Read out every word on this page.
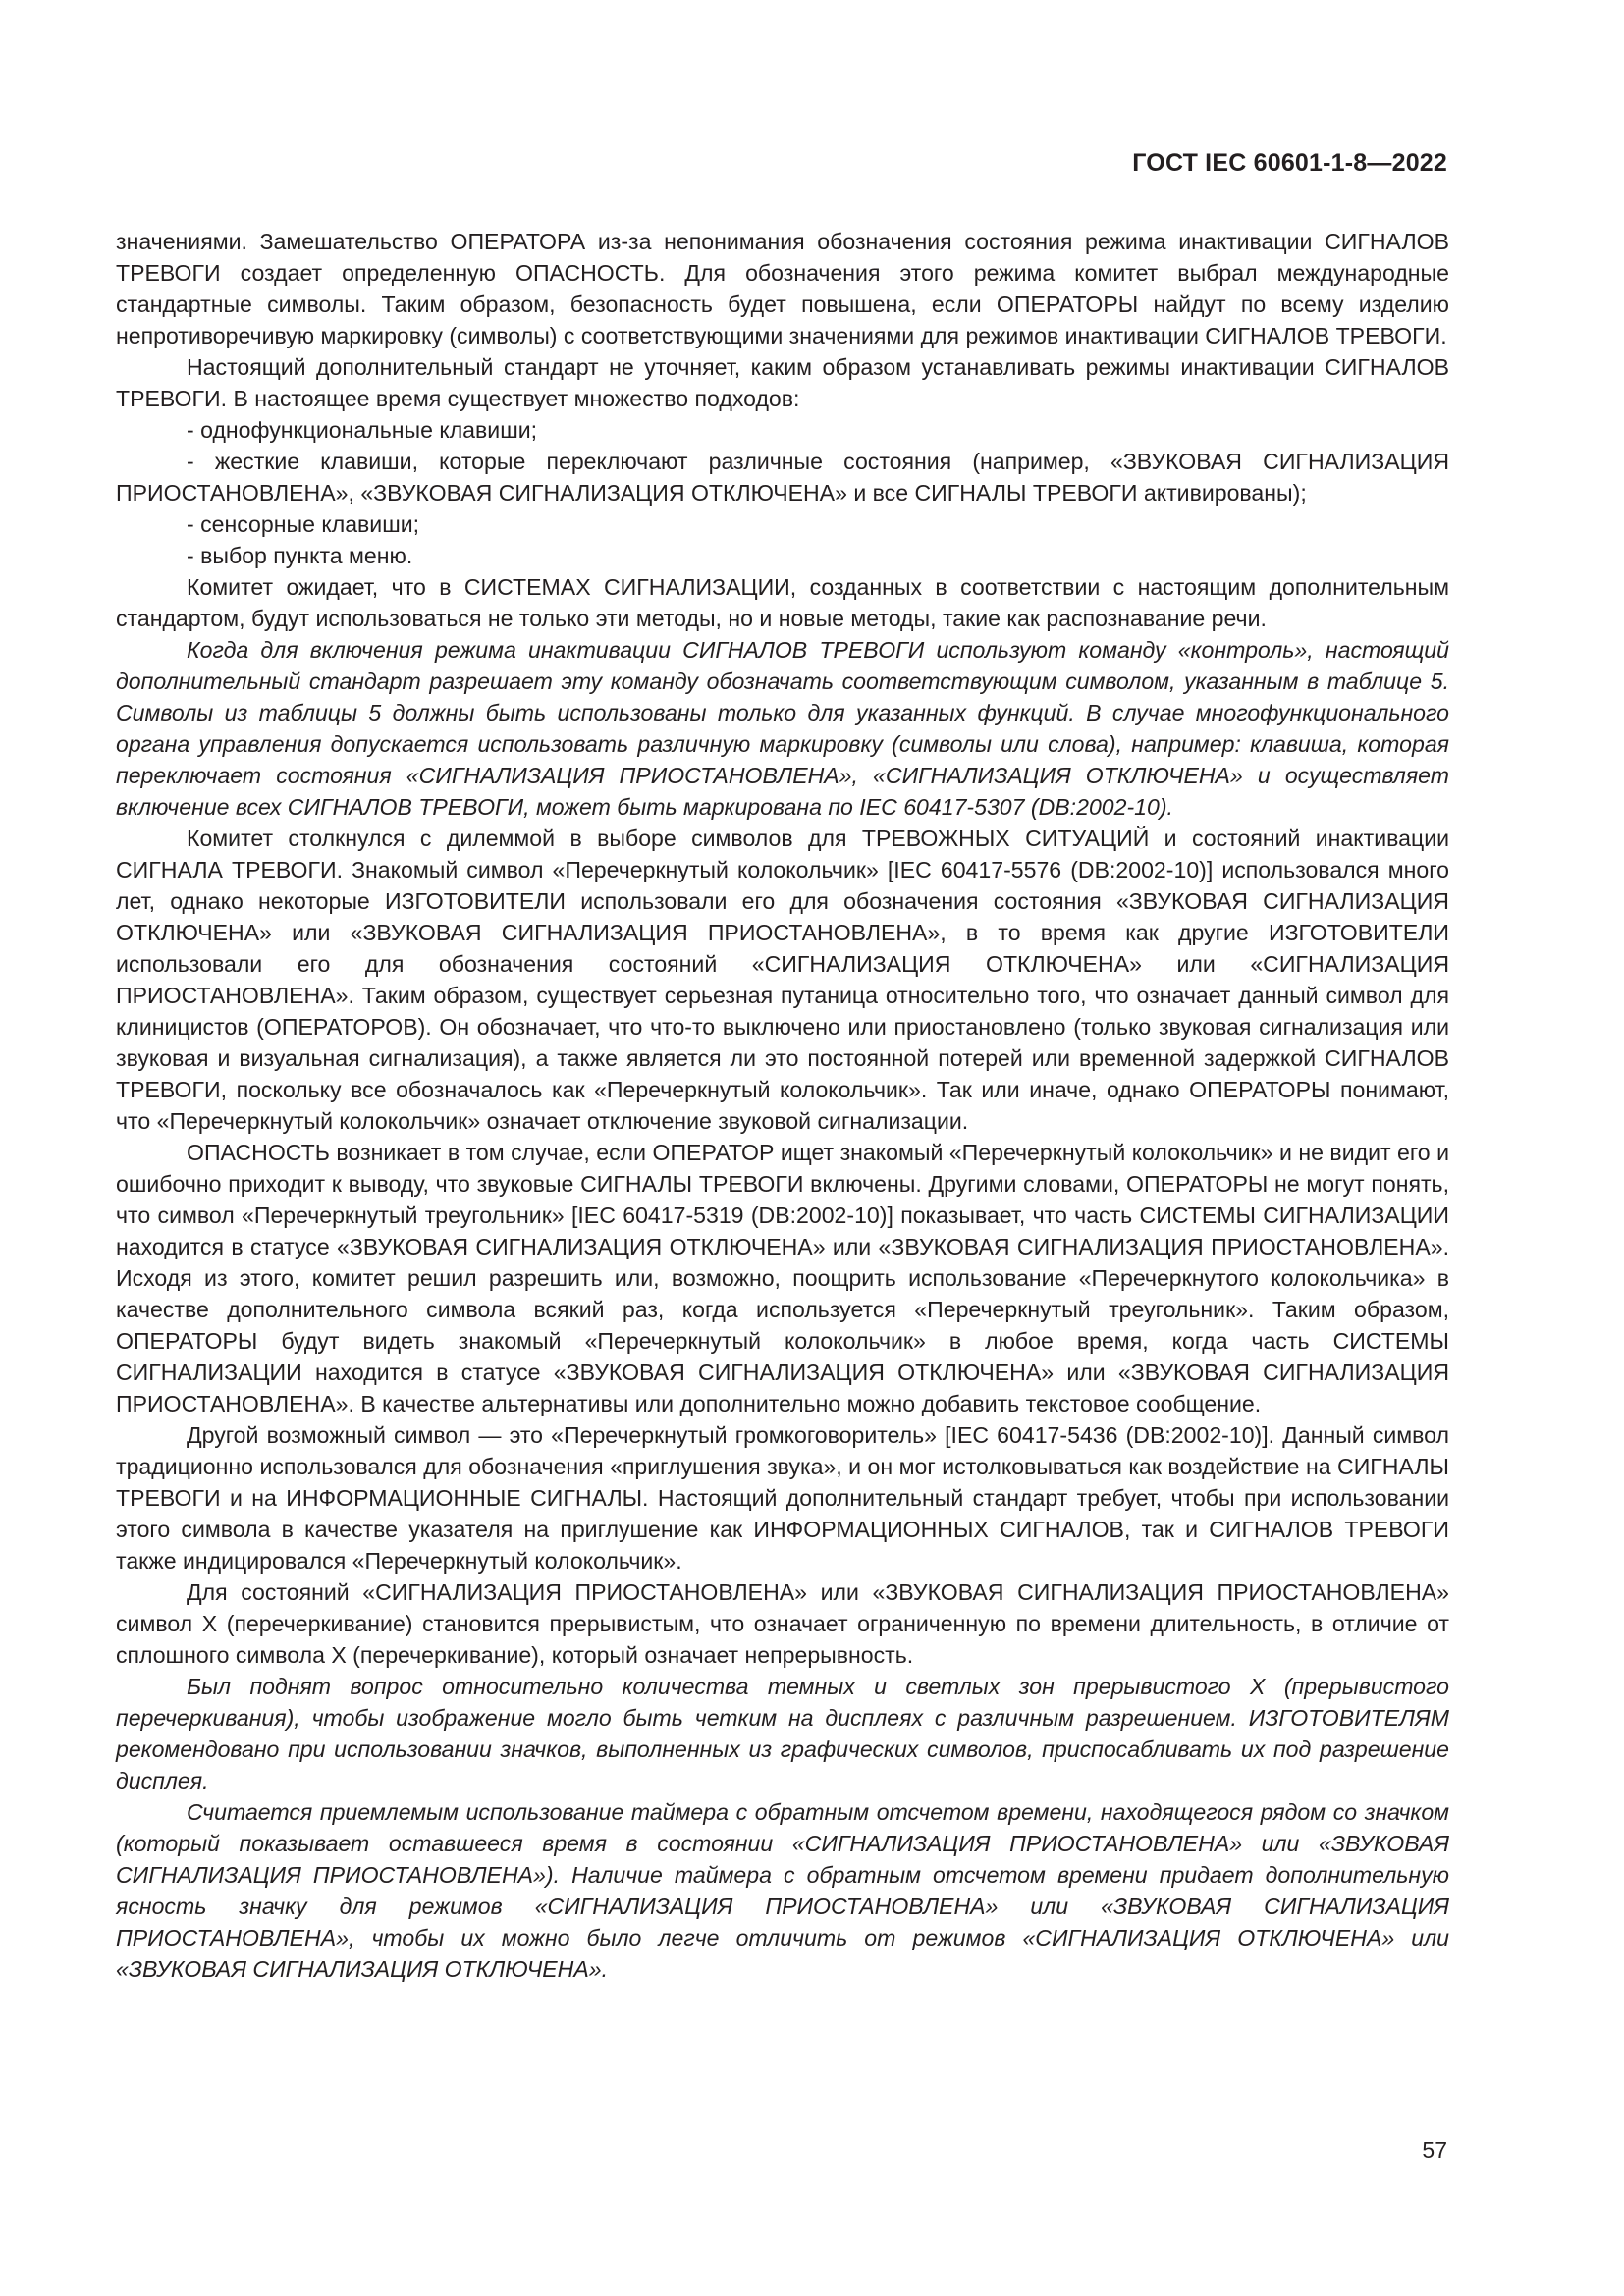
ГОСТ IEC 60601-1-8—2022

значениями. Замешательство ОПЕРАТОРА из-за непонимания обозначения состояния режима инактивации СИГНАЛОВ ТРЕВОГИ создает определенную ОПАСНОСТЬ. Для обозначения этого режима комитет выбрал международные стандартные символы. Таким образом, безопасность будет повышена, если ОПЕРАТОРЫ найдут по всему изделию непротиворечивую маркировку (символы) с соответствующими значениями для режимов инактивации СИГНАЛОВ ТРЕВОГИ.

Настоящий дополнительный стандарт не уточняет, каким образом устанавливать режимы инактивации СИГНАЛОВ ТРЕВОГИ. В настоящее время существует множество подходов:

- однофункциональные клавиши;

- жесткие клавиши, которые переключают различные состояния (например, «ЗВУКОВАЯ СИГНАЛИЗАЦИЯ ПРИОСТАНОВЛЕНА», «ЗВУКОВАЯ СИГНАЛИЗАЦИЯ ОТКЛЮЧЕНА» и все СИГНАЛЫ ТРЕВОГИ активированы);

- сенсорные клавиши;

- выбор пункта меню.

Комитет ожидает, что в СИСТЕМАХ СИГНАЛИЗАЦИИ, созданных в соответствии с настоящим дополнительным стандартом, будут использоваться не только эти методы, но и новые методы, такие как распознавание речи.

Когда для включения режима инактивации СИГНАЛОВ ТРЕВОГИ используют команду «контроль», настоящий дополнительный стандарт разрешает эту команду обозначать соответствующим символом, указанным в таблице 5. Символы из таблицы 5 должны быть использованы только для указанных функций. В случае многофункционального органа управления допускается использовать различную маркировку (символы или слова), например: клавиша, которая переключает состояния «СИГНАЛИЗАЦИЯ ПРИОСТАНОВЛЕНА», «СИГНАЛИЗАЦИЯ ОТКЛЮЧЕНА» и осуществляет включение всех СИГНАЛОВ ТРЕВОГИ, может быть маркирована по IEC 60417-5307 (DB:2002-10).

Комитет столкнулся с дилеммой в выборе символов для ТРЕВОЖНЫХ СИТУАЦИЙ и состояний инактивации СИГНАЛА ТРЕВОГИ. Знакомый символ «Перечеркнутый колокольчик» [IEC 60417-5576 (DB:2002-10)] использовался много лет, однако некоторые ИЗГОТОВИТЕЛИ использовали его для обозначения состояния «ЗВУКОВАЯ СИГНАЛИЗАЦИЯ ОТКЛЮЧЕНА» или «ЗВУКОВАЯ СИГНАЛИЗАЦИЯ ПРИОСТАНОВЛЕНА», в то время как другие ИЗГОТОВИТЕЛИ использовали его для обозначения состояний «СИГНАЛИЗАЦИЯ ОТКЛЮЧЕНА» или «СИГНАЛИЗАЦИЯ ПРИОСТАНОВЛЕНА». Таким образом, существует серьезная путаница относительно того, что означает данный символ для клиницистов (ОПЕРАТОРОВ). Он обозначает, что что-то выключено или приостановлено (только звуковая сигнализация или звуковая и визуальная сигнализация), а также является ли это постоянной потерей или временной задержкой СИГНАЛОВ ТРЕВОГИ, поскольку все обозначалось как «Перечеркнутый колокольчик». Так или иначе, однако ОПЕРАТОРЫ понимают, что «Перечеркнутый колокольчик» означает отключение звуковой сигнализации.

ОПАСНОСТЬ возникает в том случае, если ОПЕРАТОР ищет знакомый «Перечеркнутый колокольчик» и не видит его и ошибочно приходит к выводу, что звуковые СИГНАЛЫ ТРЕВОГИ включены. Другими словами, ОПЕРАТОРЫ не могут понять, что символ «Перечеркнутый треугольник» [IEC 60417-5319 (DB:2002-10)] показывает, что часть СИСТЕМЫ СИГНАЛИЗАЦИИ находится в статусе «ЗВУКОВАЯ СИГНАЛИЗАЦИЯ ОТКЛЮЧЕНА» или «ЗВУКОВАЯ СИГНАЛИЗАЦИЯ ПРИОСТАНОВЛЕНА». Исходя из этого, комитет решил разрешить или, возможно, поощрить использование «Перечеркнутого колокольчика» в качестве дополнительного символа всякий раз, когда используется «Перечеркнутый треугольник». Таким образом, ОПЕРАТОРЫ будут видеть знакомый «Перечеркнутый колокольчик» в любое время, когда часть СИСТЕМЫ СИГНАЛИЗАЦИИ находится в статусе «ЗВУКОВАЯ СИГНАЛИЗАЦИЯ ОТКЛЮЧЕНА» или «ЗВУКОВАЯ СИГНАЛИЗАЦИЯ ПРИОСТАНОВЛЕНА». В качестве альтернативы или дополнительно можно добавить текстовое сообщение.

Другой возможный символ — это «Перечеркнутый громкоговоритель» [IEC 60417-5436 (DB:2002-10)]. Данный символ традиционно использовался для обозначения «приглушения звука», и он мог истолковываться как воздействие на СИГНАЛЫ ТРЕВОГИ и на ИНФОРМАЦИОННЫЕ СИГНАЛЫ. Настоящий дополнительный стандарт требует, чтобы при использовании этого символа в качестве указателя на приглушение как ИНФОРМАЦИОННЫХ СИГНАЛОВ, так и СИГНАЛОВ ТРЕВОГИ также индицировался «Перечеркнутый колокольчик».

Для состояний «СИГНАЛИЗАЦИЯ ПРИОСТАНОВЛЕНА» или «ЗВУКОВАЯ СИГНАЛИЗАЦИЯ ПРИОСТАНОВЛЕНА» символ X (перечеркивание) становится прерывистым, что означает ограниченную по времени длительность, в отличие от сплошного символа X (перечеркивание), который означает непрерывность.

Был поднят вопрос относительно количества темных и светлых зон прерывистого X (прерывистого перечеркивания), чтобы изображение могло быть четким на дисплеях с различным разрешением. ИЗГОТОВИТЕЛЯМ рекомендовано при использовании значков, выполненных из графических символов, приспосабливать их под разрешение дисплея.

Считается приемлемым использование таймера с обратным отсчетом времени, находящегося рядом со значком (который показывает оставшееся время в состоянии «СИГНАЛИЗАЦИЯ ПРИОСТАНОВЛЕНА» или «ЗВУКОВАЯ СИГНАЛИЗАЦИЯ ПРИОСТАНОВЛЕНА»). Наличие таймера с обратным отсчетом времени придает дополнительную ясность значку для режимов «СИГНАЛИЗАЦИЯ ПРИОСТАНОВЛЕНА» или «ЗВУКОВАЯ СИГНАЛИЗАЦИЯ ПРИОСТАНОВЛЕНА», чтобы их можно было легче отличить от режимов «СИГНАЛИЗАЦИЯ ОТКЛЮЧЕНА» или «ЗВУКОВАЯ СИГНАЛИЗАЦИЯ ОТКЛЮЧЕНА».

57
